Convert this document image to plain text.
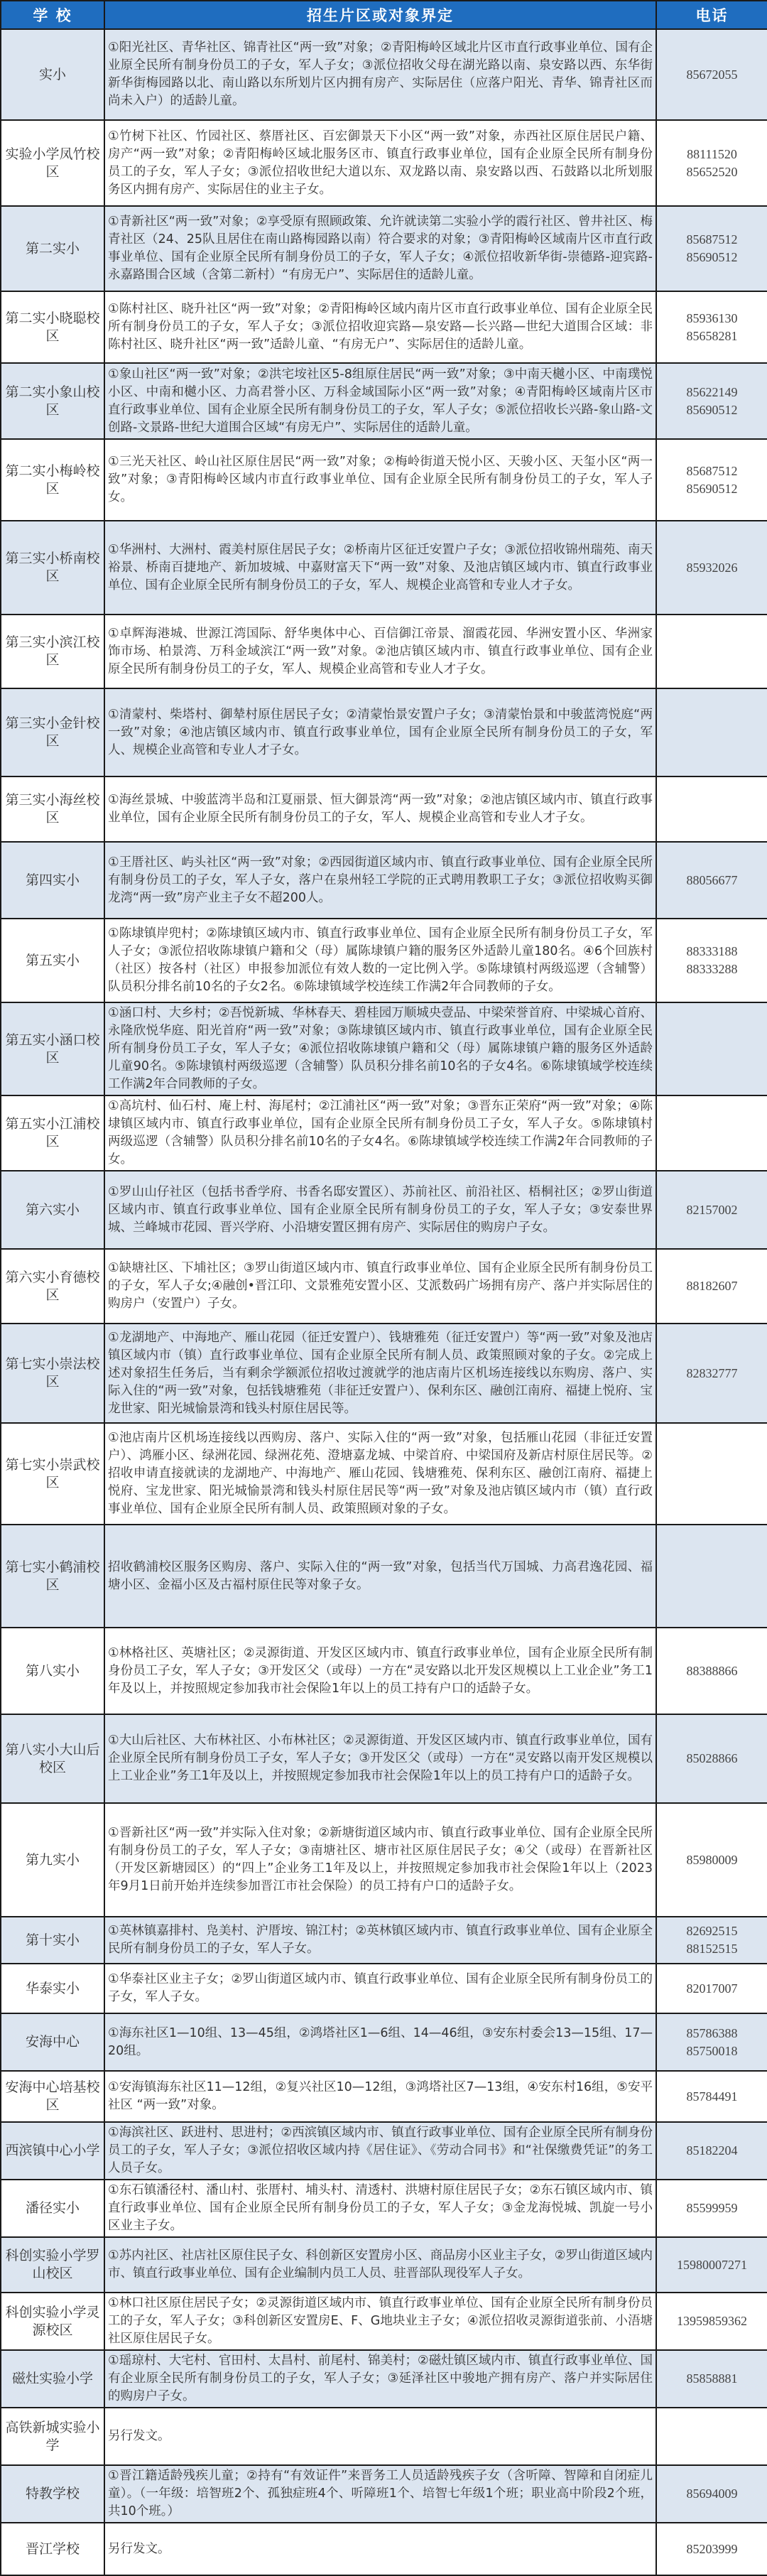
学 校	招生片区或对象界定	电话
实小	①阳光社区、青华社区、锦青社区“两一致”对象；②青阳梅岭区域北片区市直行政事业单位、国有企业原全民所有制身份员工的子女，军人子女；③派位招收父母在湖光路以南、泉安路以西、东华街新华街梅园路以北、南山路以东所划片区内拥有房产、实际居住（应落户阳光、青华、锦青社区而尚未入户）的适龄儿童。	85672055

实验小学凤竹校区	①竹树下社区、竹园社区、蔡厝社区、百宏御景天下小区“两一致”对象，赤西社区原住居民户籍、房产“两一致”对象；②青阳梅岭区域北服务区市、镇直行政事业单位，国有企业原全民所有制身份员工的子女，军人子女；③派位招收世纪大道以东、双龙路以南、泉安路以西、石鼓路以北所划服务区内拥有房产、实际居住的业主子女。	88111520
85652520

第二实小	①青新社区“两一致”对象；②享受原有照顾政策、允许就读第二实验小学的霞行社区、曾井社区、梅青社区（24、25队且居住在南山路梅园路以南）符合要求的对象；③青阳梅岭区域南片区市直行政事业单位、国有企业原全民所有制身份员工的子女，军人子女；④派位招收新华街-崇德路-迎宾路-永嘉路围合区域（含第二新村）“有房无户”、实际居住的适龄儿童。	85687512
85690512

第二实小晓聪校区	①陈村社区、晓升社区“两一致”对象；②青阳梅岭区域内南片区市直行政事业单位、国有企业原全民所有制身份员工的子女，军人子女；③派位招收迎宾路—泉安路—长兴路—世纪大道围合区域：非陈村社区、晓升社区“两一致”适龄儿童、“有房无户”、实际居住的适龄儿童。	85936130
85658281

第二实小象山校区	①象山社区“两一致”对象；②洪宅垵社区5-8组原住居民“两一致”对象；③中南天樾小区、中南璞悦小区、中南和樾小区、力高君誉小区、万科金域国际小区“两一致”对象；④青阳梅岭区域南片区市直行政事业单位、国有企业原全民所有制身份员工的子女，军人子女；⑤派位招收长兴路-象山路-文创路-文景路-世纪大道围合区域“有房无户”、实际居住的适龄儿童。	85622149
85690512

第二实小梅岭校区	①三光天社区、岭山社区原住居民“两一致”对象；②梅岭街道天悦小区、天骏小区、天玺小区“两一致”对象；③青阳梅岭区域内市直行政事业单位、国有企业原全民所有制身份员工的子女，军人子女。	85687512
85690512

第三实小桥南校区	①华洲村、大洲村、霞美村原住居民子女；②桥南片区征迁安置户子女；③派位招收锦州瑞苑、南天裕景、桥南百捷地产、新加坡城、中嘉财富天下“两一致”对象、及池店镇区域内市、镇直行政事业单位、国有企业原全民所有制身份员工的子女，军人、规模企业高管和专业人才子女。	85932026

第三实小滨江校区	①卓辉海港城、世源江湾国际、舒华奥体中心、百信御江帝景、溜霞花园、华洲安置小区、华洲家饰市场、柏景湾、万科金域滨江“两一致”对象。②池店镇区域内市、镇直行政事业单位、国有企业原全民所有制身份员工的子女，军人、规模企业高管和专业人才子女。	
第三实小金针校区	①清蒙村、柴塔村、御辇村原住居民子女；②清蒙怡景安置户子女；③清蒙怡景和中骏蓝湾悦庭“两一致”对象；④池店镇区域内市、镇直行政事业单位，国有企业原全民所有制身份员工的子女，军人、规模企业高管和专业人才子女。	
第三实小海丝校区	①海丝景城、中骏蓝湾半岛和江夏丽景、恒大御景湾“两一致”对象；②池店镇区域内市、镇直行政事业单位，国有企业原全民所有制身份员工的子女，军人、规模企业高管和专业人才子女。	
第四实小	①王厝社区、屿头社区“两一致”对象；②西园街道区域内市、镇直行政事业单位、国有企业原全民所有制身份员工的子女，军人子女，落户在泉州轻工学院的正式聘用教职工子女；③派位招收购买御龙湾“两一致”房产业主子女不超200人。	88056677

第五实小	①陈埭镇岸兜村；②陈埭镇区域内市、镇直行政事业单位、国有企业原全民所有制身份员工子女，军人子女；③派位招收陈埭镇户籍和父（母）属陈埭镇户籍的服务区外适龄儿童180名。④6个回族村（社区）按各村（社区）申报参加派位有效人数的一定比例入学。⑤陈埭镇村两级巡逻（含辅警）队员积分排名前10名的子女2名。⑥陈埭镇域学校连续工作满2年合同教师的子女。	88333188
88333288

第五实小涵口校区	①涵口村、大乡村；②吾悦新城、华林春天、碧桂园万顺城央壹品、中梁荣誉首府、中梁城心首府、永隆欣悦华庭、阳光首府“两一致”对象；③陈埭镇区域内市、镇直行政事业单位，国有企业原全民所有制身份员工子女，军人子女；④派位招收陈埭镇户籍和父（母）属陈埭镇户籍的服务区外适龄儿童90名。⑤陈埭镇村两级巡逻（含辅警）队员积分排名前10名的子女4名。⑥陈埭镇域学校连续工作满2年合同教师的子女。	
第五实小江浦校区	①高坑村、仙石村、庵上村、海尾村；②江浦社区“两一致”对象；③晋东正荣府“两一致”对象；④陈埭镇区域内市、镇直行政事业单位，国有企业原全民所有制身份员工子女，军人子女。⑤陈埭镇村两级巡逻（含辅警）队员积分排名前10名的子女4名。⑥陈埭镇域学校连续工作满2年合同教师的子女。	
第六实小	①罗山山仔社区（包括书香学府、书香名邸安置区）、苏前社区、前沿社区、梧桐社区；②罗山街道区域内市、镇直行政事业单位、国有企业原全民所有制身份员工的子女，军人子女；③安泰世界城、兰峰城市花园、晋兴学府、小沿塘安置区拥有房产、实际居住的购房户子女。	82157002

第六实小育德校区	①缺塘社区、下埔社区；③罗山街道区域内市、镇直行政事业单位、国有企业原全民所有制身份员工的子女，军人子女;④融创•晋江印、文景雅苑安置小区、艾派数码广场拥有房产、落户并实际居住的购房户（安置户）子女。	88182607

第七实小崇法校区	①龙湖地产、中海地产、雁山花园（征迁安置户）、钱塘雅苑（征迁安置户）等“两一致”对象及池店镇区域内市（镇）直行政事业单位、国有企业原全民所有制人员、政策照顾对象的子女。②完成上述对象招生任务后，当有剩余学额派位招收过渡就学的池店南片区机场连接线以东购房、落户、实际入住的“两一致”对象，包括钱塘雅苑（非征迁安置户）、保利东区、融创江南府、福捷上悦府、宝龙世家、阳光城愉景湾和钱头村原住居民等。	82832777

第七实小崇武校区	①池店南片区机场连接线以西购房、落户、实际入住的“两一致”对象，包括雁山花园（非征迁安置户）、鸿雁小区、绿洲花园、绿洲花苑、澄塘嘉龙城、中梁首府、中梁国府及新店村原住居民等。②招收申请直接就读的龙湖地产、中海地产、雁山花园、钱塘雅苑、保利东区、融创江南府、福捷上悦府、宝龙世家、阳光城愉景湾和钱头村原住居民等“两一致”对象及池店镇区域内市（镇）直行政事业单位、国有企业原全民所有制人员、政策照顾对象的子女。	
第七实小鹤浦校区	招收鹤浦校区服务区购房、落户、实际入住的“两一致”对象，包括当代万国城、力高君逸花园、福塘小区、金福小区及古福村原住民等对象子女。	
第八实小	①林格社区、英塘社区；②灵源街道、开发区区域内市、镇直行政事业单位，国有企业原全民所有制身份员工子女，军人子女；③开发区父（或母）一方在“灵安路以北开发区规模以上工业企业”务工1年及以上，并按照规定参加我市社会保险1年以上的员工持有户口的适龄子女。	88388866

第八实小大山后校区	①大山后社区、大布林社区、小布林社区；②灵源街道、开发区区域内市、镇直行政事业单位，国有企业原全民所有制身份员工子女，军人子女；③开发区父（或母）一方在“灵安路以南开发区规模以上工业企业”务工1年及以上，并按照规定参加我市社会保险1年以上的员工持有户口的适龄子女。	85028866

第九实小	①晋新社区“两一致”并实际入住对象；②新塘街道区域内市、镇直行政事业单位、国有企业原全民所有制身份员工的子女，军人子女；③南塘社区、塘市社区原住居民子女；④父（或母）在晋新社区（开发区新塘园区）的“四上”企业务工1年及以上，并按照规定参加我市社会保险1年以上（2023年9月1日前开始并连续参加晋江市社会保险）的员工持有户口的适龄子女。	85980009

第十实小	①英林镇嘉排村、凫美村、沪厝垵、锦江村；②英林镇区域内市、镇直行政事业单位、国有企业原全民所有制身份员工的子女，军人子女。	82692515
88152515

华泰实小	①华泰社区业主子女；②罗山街道区域内市、镇直行政事业单位、国有企业原全民所有制身份员工的子女，军人子女。	82017007

安海中心	①海东社区1—10组、13—45组，②鸿塔社区1—6组、14—46组，③安东村委会13—15组、17—20组。	85786388
85750018

安海中心培基校区	①安海镇海东社区11—12组，②复兴社区10—12组，③鸿塔社区7—13组，④安东村16组，⑤安平社区 “两一致”对象。	85784491

西滨镇中心小学	①海滨社区、跃进村、思进村；②西滨镇区域内市、镇直行政事业单位、国有企业原全民所有制身份员工的子女，军人子女；③派位招收区域内持《居住证》、《劳动合同书》和“社保缴费凭证”的务工人员子女。	85182204

潘径实小	①东石镇潘径村、潘山村、张厝村、埔头村、清透村、洪塘村原住居民子女；②东石镇区域内市、镇直行政事业单位、国有企业原全民所有制身份员工的子女，军人子女；③金龙海悦城、凯旋一号小区业主子女。	85599959

科创实验小学罗山校区	①苏内社区、社店社区原住民子女、科创新区安置房小区、商品房小区业主子女，②罗山街道区域内市、镇直行政事业单位、国有企业编制内员工人员、驻晋部队现役军人子女。	15980007271

科创实验小学灵源校区	①林口社区原住居民子女；②灵源街道区域内市、镇直行政事业单位、国有企业原全民所有制身份员工的子女，军人子女；③科创新区安置房E、F、G地块业主子女；④派位招收灵源街道张前、小浯塘社区原住居民子女。	13959859362

磁灶实验小学	①瑶琼村、大宅村、官田村、太昌村、前尾村、锦美村；②磁灶镇区域内市、镇直行政事业单位、国有企业原全民所有制身份员工的子女，军人子女；③延泽社区中骏地产拥有房产、落户并实际居住的购房户子女。	85858881

高铁新城实验小学	另行发文。	
特教学校	①晋江籍适龄残疾儿童；②持有“有效证件”来晋务工人员适龄残疾子女（含听障、智障和自闭症儿童）。（一年级：培智班2个、孤独症班4个、听障班1个、培智七年级1个班；职业高中阶段2个班，共10个班。）	85694009

晋江学校	另行发文。	85203999
